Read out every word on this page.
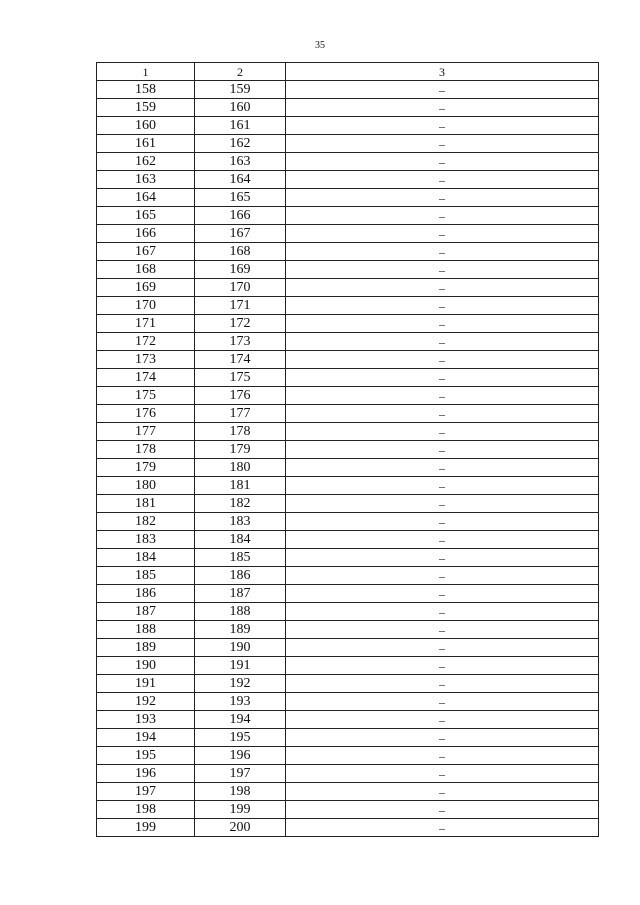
35
1	2	3
158	159	–
159	160	–
160	161	–
161	162	–
162	163	–
163	164	–
164	165	–
165	166	–
166	167	–
167	168	–
168	169	–
169	170	–
170	171	–
171	172	–
172	173	–
173	174	–
174	175	–
175	176	–
176	177	–
177	178	–
178	179	–
179	180	–
180	181	–
181	182	–
182	183	–
183	184	–
184	185	–
185	186	–
186	187	–
187	188	–
188	189	–
189	190	–
190	191	–
191	192	–
192	193	–
193	194	–
194	195	–
195	196	–
196	197	–
197	198	–
198	199	–
199	200	–
